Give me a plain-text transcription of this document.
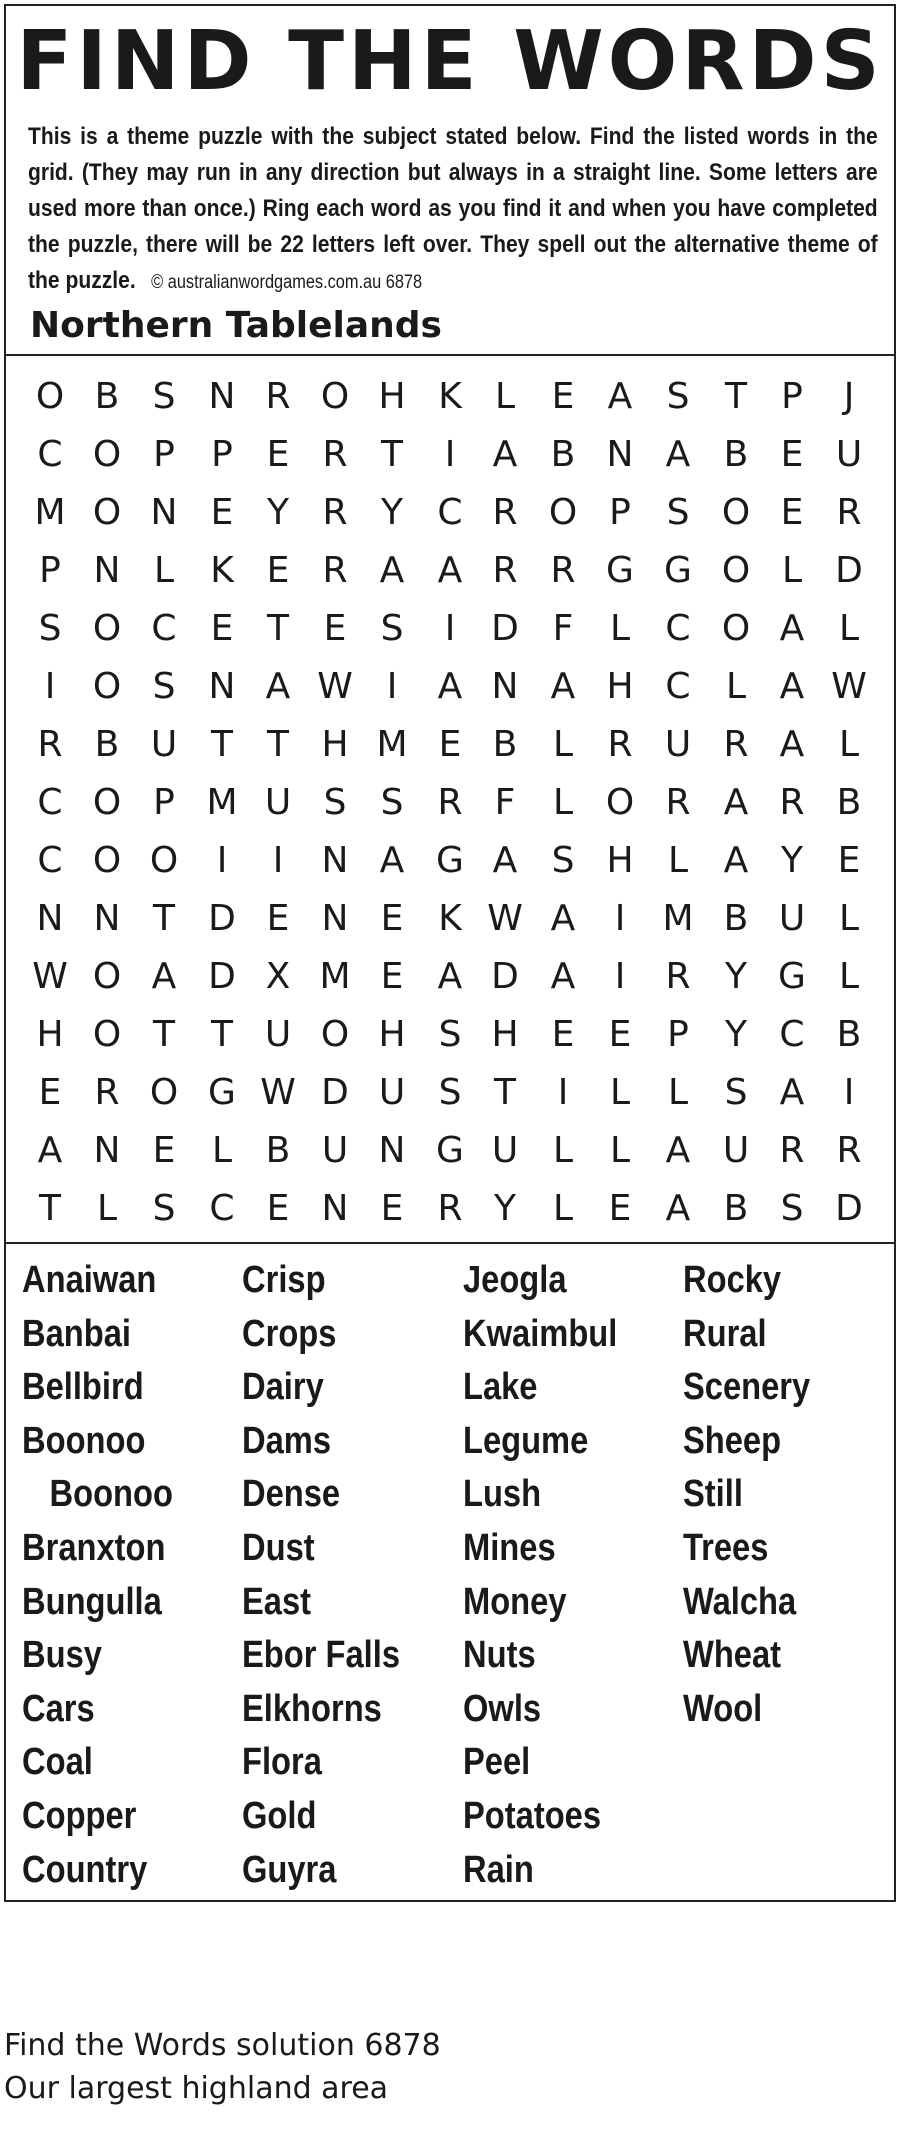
FIND THE WORDS
This is a theme puzzle with the subject stated below. Find the listed words in the grid. (They may run in any direction but always in a straight line. Some letters are used more than once.) Ring each word as you find it and when you have completed the puzzle, there will be 22 letters left over. They spell out the alternative theme of the puzzle. © australianwordgames.com.au 6878
Northern Tablelands
O B S N R O H K L	E A S T P	J
C O P	P E R T	I	A B N A B E U
M O N E Y R Y C R O P S O E R
P N L	K E R A A R R G G O L D
S O C E T E S	I D F	L C O A L
I	O S N A W I	A N A H C L A W
R B U T T H M E B L R U R A L
C O P M U S S R F	L O R A R B
C O O	I	I	N A G A S H L A Y E
N N T D E N E K W A	I	M B U L
W O A D X M E A D A	I	R Y G L
H O T	T U O H S H E E P	Y C B
E R O G W D U S T	I	L	L	S A	I
A N E	L B U N G U L	L A U R R
T L S C E N E R Y	L E A B S D
Anaiwan
Banbai
Bellbird
Boonoo
Boonoo
Branxton
Bungulla
Busy
Cars
Coal
Copper
Country
Crisp
Crops
Dairy
Dams
Dense
Dust
East
Ebor Falls
Elkhorns
Flora
Gold
Guyra
Jeogla
Kwaimbul
Lake
Legume
Lush
Mines
Money
Nuts
Owls
Peel
Potatoes
Rain
Rocky
Rural
Scenery
Sheep
Still
Trees
Walcha
Wheat
Wool
Find the Words solution 6878
Our largest highland area
